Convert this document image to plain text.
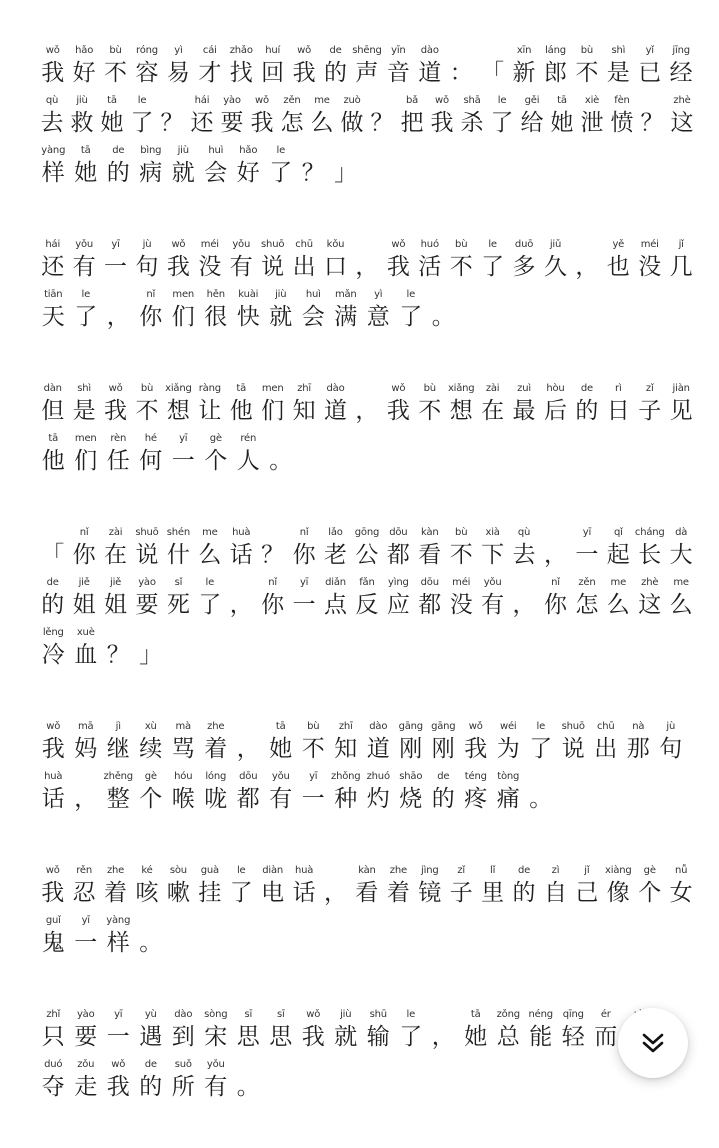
wǒ
我
hǎo
好
bù
不
róng
容
yì
易
cái
才
zhǎo
找
huí
回
wǒ
我
de
的
shēng
声
yīn
音
dào
道 ： 「
xīn
新
láng
郎
bù
不
shì
是
yǐ
已
jīng
经
qù
去
jiù
救
tā
她
le
了 ？
hái
还
yào
要
wǒ
我
zěn
怎
me
么
zuò
做 ？
bǎ
把
wǒ
我
shā
杀
le
了
gěi
给
tā
她
xiè
泄
fèn
愤 ？
zhè
这
yàng
样
tā
她
de
的
bìng
病
jiù
就
huì
会
hǎo
好
le
了 ？ 」
hái
还
yǒu
有
yī
一
jù
句
wǒ
我
méi
没
yǒu
有
shuō
说
chū
出
kǒu
口 ，
wǒ
我
huó
活
bù
不
le
了
duō
多
jiǔ
久 ，
yě
也
méi
没
jǐ
几
tiān
天
le
了 ，
nǐ
你
men
们
hěn
很
kuài
快
jiù
就
huì
会
mǎn
满
yì
意
le
了 。
dàn
但
shì
是
wǒ
我
bù
不
xiǎng
想
ràng
让
tā
他
men
们
zhī
知
dào
道 ，
wǒ
我
bù
不
xiǎng
想
zài
在
zuì
最
hòu
后
de
的
rì
日
zǐ
子
jiàn
见
tā
他
men
们
rèn
任
hé
何
yī
一
gè
个
rén
人 。
「
nǐ
你
zài
在
shuō
说
shén
什
me
么
huà
话 ？
nǐ
你
lǎo
老
gōng
公
dōu
都
kàn
看
bù
不
xià
下
qù
去 ，
yī
一
qǐ
起
cháng
长
dà
大
de
的
jiě
姐
jiě
姐
yào
要
sǐ
死
le
了 ，
nǐ
你
yī
一
diǎn
点
fǎn
反
yìng
应
dōu
都
méi
没
yǒu
有 ，
nǐ
你
zěn
怎
me
么
zhè
这
me
么
lěng
冷
xuè
血 ？ 」
wǒ
我
mā
妈
jì
继
xù
续
mà
骂
zhe
着 ，
tā
她
bù
不
zhī
知
dào
道
gāng
刚
gāng
刚
wǒ
我
wéi
为
le
了
shuō
说
chū
出
nà
那
jù
句
huà
话 ，
zhěng
整
gè
个
hóu
喉
lóng
咙
dōu
都
yǒu
有
yī
一
zhǒng
种
zhuó
灼
shāo
烧
de
的
téng
疼
tòng
痛 。
wǒ
我
rěn
忍
zhe
着
ké
咳
sòu
嗽
guà
挂
le
了
diàn
电
huà
话 ，
kàn
看
zhe
着
jìng
镜
zǐ
子
lǐ
里
de
的
zì
自
jǐ
己
xiàng
像
gè
个
nǚ
女
guǐ
鬼
yī
一
yàng
样 。
zhǐ
只
yào
要
yī
一
yù
遇
dào
到
sòng
宋
sī
思
sī
思
wǒ
我
jiù
就
shū
输
le
了 ，
tā
她
zǒng
总
néng
能
qīng
轻
ér
而
duó
夺
zǒu
走
wǒ
我
de
的
suǒ
所
yǒu
有 。
